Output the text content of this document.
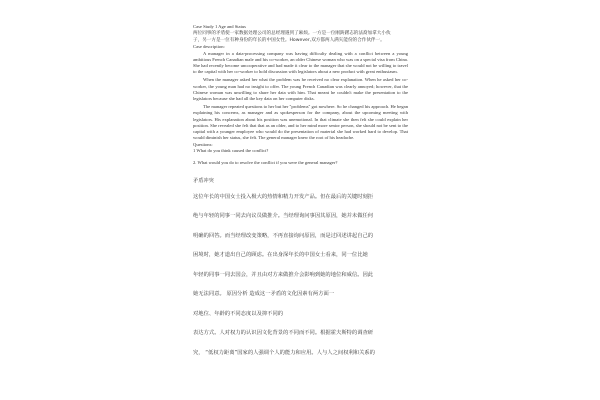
Case Study 1 Age and Status

两位同事的矛盾使一家数据处理公司的总经理遇到了麻烦。一方是一位刚踌躇志的法裔加拿大小伙

子，另一方是一位有种身份的年长的中国女性。However,双方都两人满矢能份的合作伙伴一。

Case description:

A manager in a data-processing company was having difficulty dealing with a conflict between a young ambitious French Canadian male and his co-worker, an older Chinese woman who was on a special visa from China. She had recently become uncooperative and had made it clear to the manager that she would not be willing to travel to the capital with her co-worker to hold discussion with legislators about a new product with great enthusiasm.

When the manager asked her what the problem was he received no clear explanation. When he asked her co-worker, the young man had no insight to offer. The young French Canadian was clearly annoyed; however, that the Chinese woman was unwilling to share her data with him. That meant he couldn't make the presentation to the legislators because she had all the key data on her computer disks.

The manager repeated questions to her but her "problems" got nowhere. So he changed his approach. He began explaining his concerns, as manager and as spokesperson for the company, about the upcoming meeting with legislators. His explanation about his position was unemotional. In that climate she then felt she could explain her position. She revealed she felt that that as an older, and to her mind more senior person, she should not be sent to the capital with a younger employee who would do the presentation of material she had worked hard to develop. That would diminish her status, she felt. The general manager knew the root of his headache.

Questions:

1 What do you think caused the conflict?

2. What would you do to resolve the conflict if you were the general manager?

矛盾冲突

这位年长的中国女士投入极大的热情和精力开发产品。但在最后的关键时刻拒

绝与年轻的同事一同去向议员做推介。当经理询问事因其原因，她并未做任何

明确的回答。而当经理改变策略，不再直接询问原因，而是过回述讲起自己的

困境时，她才道出自己的顾虑。在出身深年长的中国女士看来，同一位比她

年轻的同事一同去国会，并且由对方来做推介会影响到她的地位和威信。因此

她无法同意。 原因分析 造成这一矛盾的文化因素有两方面一

对地位、年龄的不同态度以及抑不同的

表达方式。人对权力的认识因文化背景的不同而不同。根据霍夫斯特的调查研

究， “低权力距离”国家的人强调个人的能力和应用。人与人之间权利和关系的
